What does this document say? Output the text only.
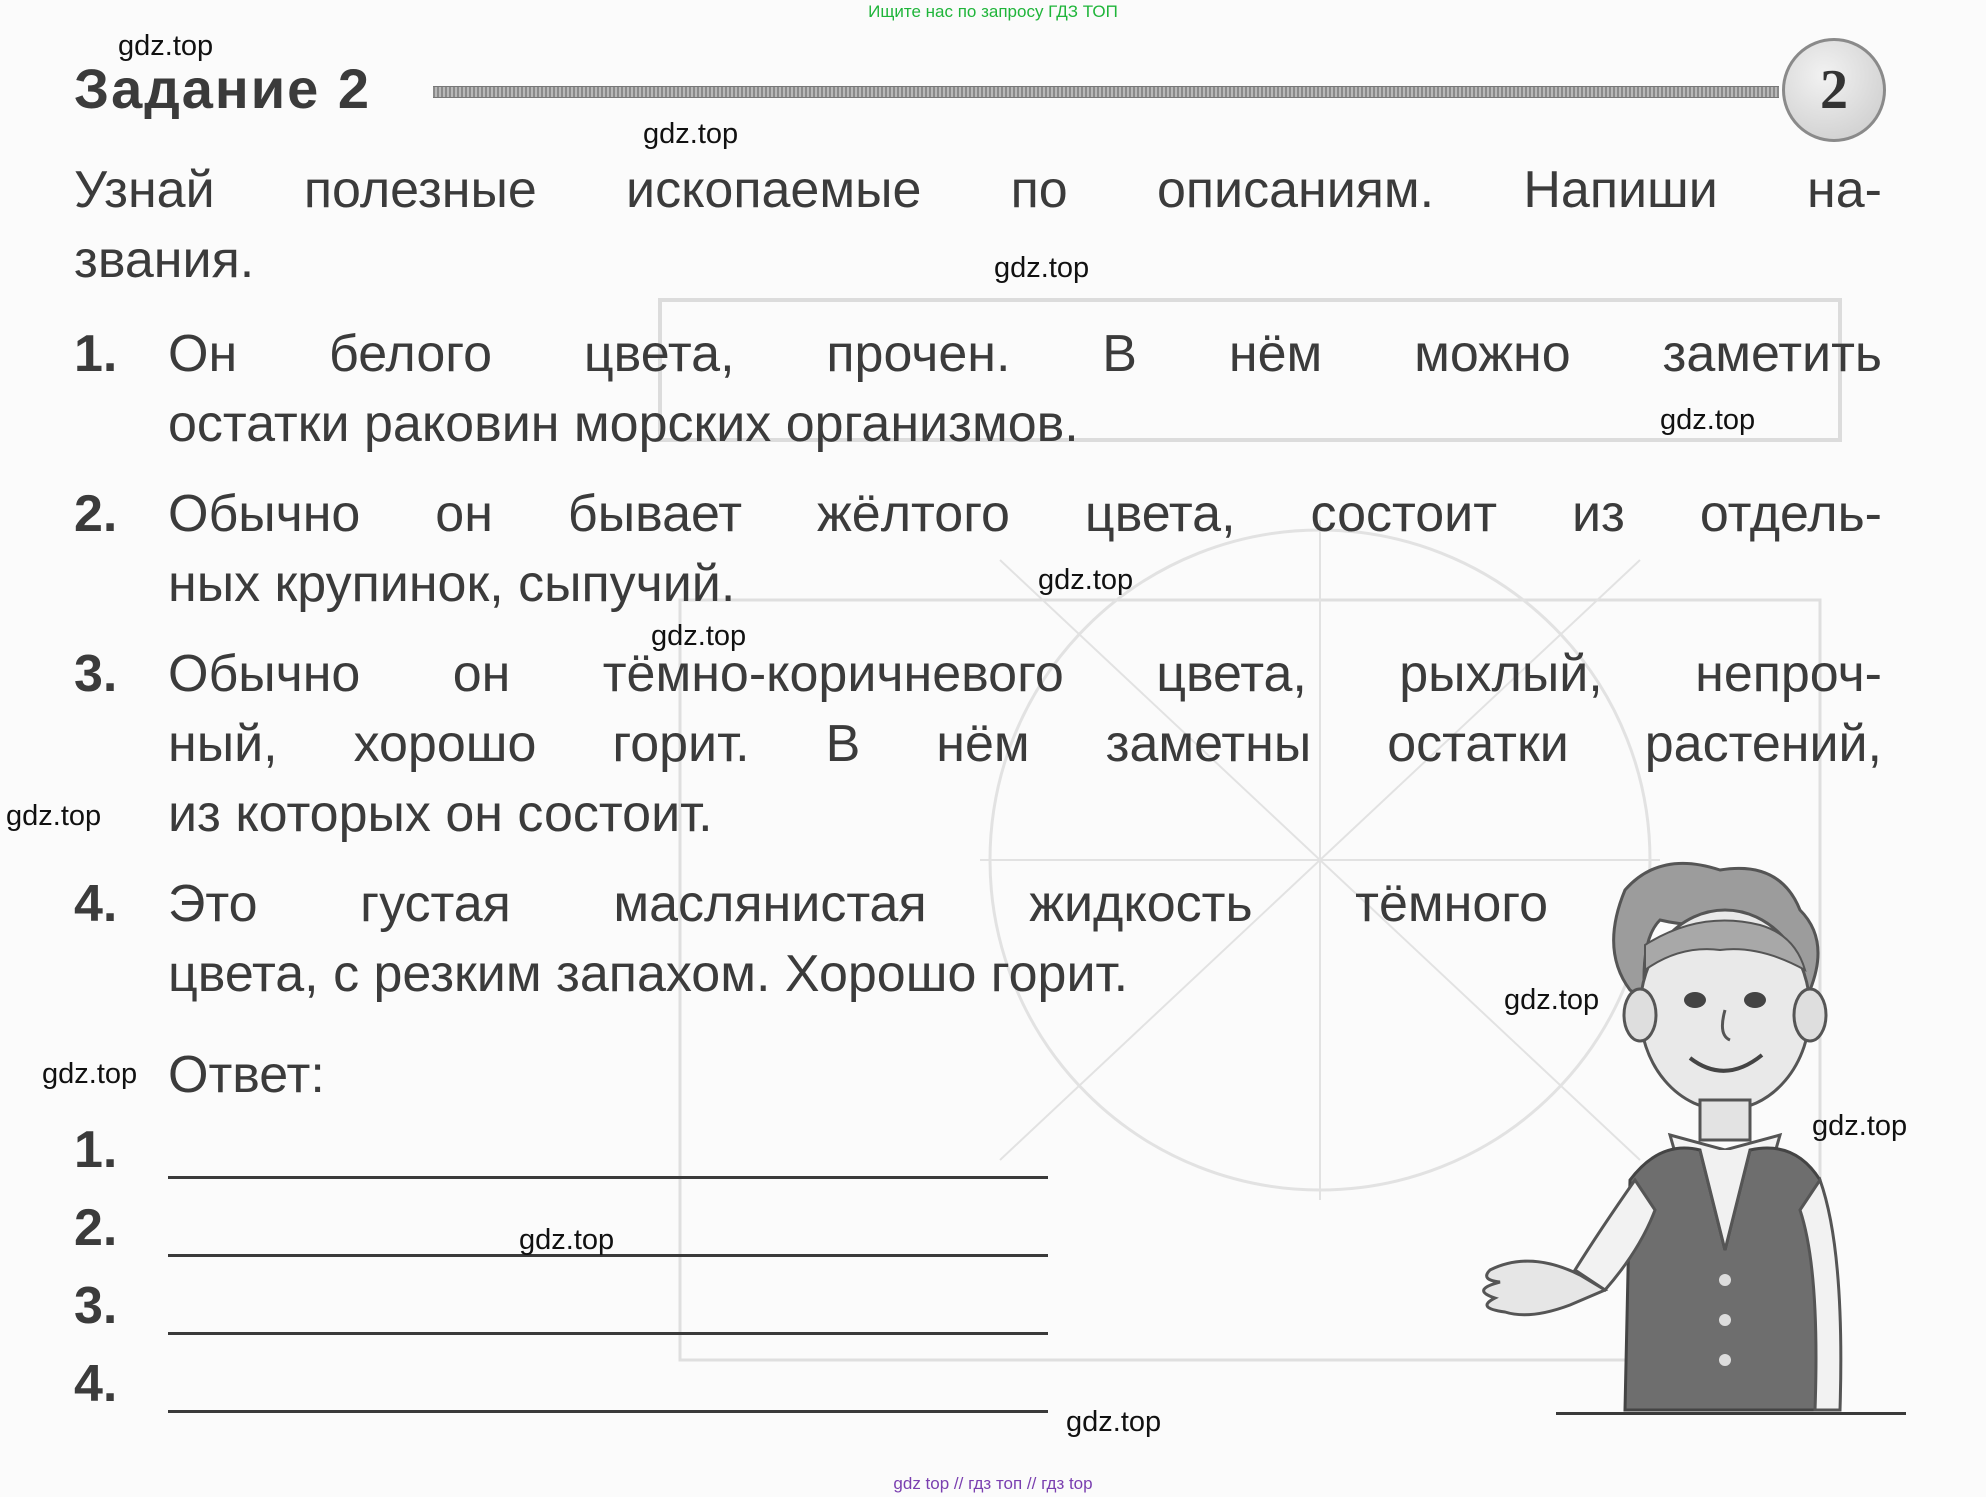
Ищите нас по запросу ГДЗ ТОП
Задание 2	2
Узнай полезные ископаемые по описаниям. Напиши на-
звания.
1. Он белого цвета, прочен. В нём можно заметить
остатки раковин морских организмов.
2. Обычно он бывает жёлтого цвета, состоит из отдель-
ных крупинок, сыпучий.
3. Обычно он тёмно-коричневого цвета, рыхлый, непроч-
ный, хорошо горит. В нём заметны остатки растений,
из которых он состоит.
4. Это густая маслянистая жидкость тёмного
цвета, с резким запахом. Хорошо горит.
Ответ:
1.
2.
3.
4.
gdz.top
gdz.top
gdz.top
gdz.top
gdz.top
gdz.top
gdz.top
gdz.top
gdz.top
gdz.top
gdz.top
gdz.top
gdz top // гдз топ // гдз top
